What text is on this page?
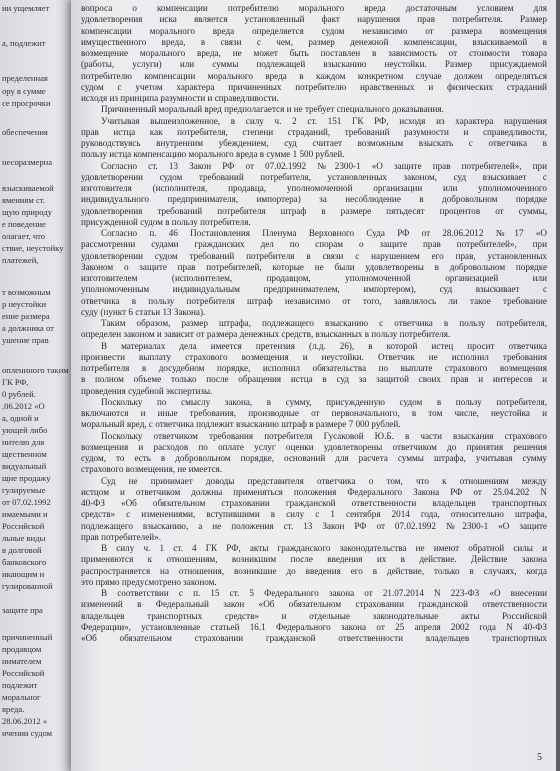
ии ущемляет
а, подлежит
пределенная
ору в сумме
се просрочки
обеспечения
несоразмерна
взыскиваемой
ямениям ст.
щую природу
е поведение
олагает, что
ствие, неустойку
платежей,
т возможным
р неустойки
ение размера
а должника от
ушение прав
оплениного таким
ГК РФ,
0 рублей.
.06.2012 «О
а, одной и
ующей либо
нителю для
щественном
видуальный
щие продажу
гулируемые
от 07.02.1992
имаемыми и
Российской
льные виды
в долговой
банковского
икающим и
гулированной
защите пра
причиненный
продавцом
нимателем
Российской
подлежит
моральног
вреда.
28.06.2012 «
ичении судом
вопроса о компенсации потребителю морального вреда достаточным условием для
удовлетворения иска является установленный факт нарушения прав потребителя. Размер
компенсации морального вреда определяется судом независимо от размера возмещения
имущественного вреда, в связи с чем, размер денежной компенсации, взыскиваемой в
возмещение морального вреда, не может быть поставлен в зависимость от стоимости товара
(работы, услуги) или суммы подлежащей взысканию неустойки. Размер присуждаемой
потребителю компенсации морального вреда в каждом конкретном случае должен определяться
судом с учетом характера причиненных потребителю нравственных и физических страданий
исходя из принципа разумности и справедливости.
Причиненный моральный вред предполагается и не требует специального доказывания.
Учитывая вышеизложенное, в силу ч. 2 ст. 151 ГК РФ, исходя из характера нарушения
прав истца как потребителя, степени страданий, требований разумности и справедливости,
руководствуясь внутренним убеждением, суд считает возможным взыскать с ответчика в
пользу истца компенсацию морального вреда в сумме 1 500 рублей.
Согласно ст. 13 Закон РФ от 07.02.1992 №2300-1 «О защите прав потребителей», при
удовлетворении судом требований потребителя, установленных законом, суд взыскивает с
изготовителя (исполнителя, продавца, уполномоченной организации или уполномоченного
индивидуального предпринимателя, импортера) за несоблюдение в добровольном порядке
удовлетворения требований потребителя штраф в размере пятьдесят процентов от суммы,
присужденной судом в пользу потребителя.
Согласно п. 46 Постановления Пленума Верховного Суда РФ от 28.06.2012 №17 «О
рассмотрении судами гражданских дел по спорам о защите прав потребителей», при
удовлетворении судом требований потребителя в связи с нарушением его прав, установленных
Законом о защите прав потребителей, которые не были удовлетворены в добровольном порядке
изготовителем (исполнителем, продавцом, уполномоченной организацией или
уполномоченным индивидуальным предпринимателем, импортером), суд взыскивает с
ответчика в пользу потребителя штраф независимо от того, заявлялось ли такое требование
суду (пункт 6 статьи 13 Закона).
Таким образом, размер штрафа, подлежащего взысканию с ответчика в пользу потребителя,
определен законом и зависит от размера денежных средств, взысканных в пользу потребителя.
В материалах дела имеется претензия (л.д. 26), в которой истец просит ответчика
произвести выплату страхового возмещения и неустойки. Ответчик не исполнил требования
потребителя в досудебном порядке, исполнил обязательства по выплате страхового возмещения
в полном объеме только после обращения истца в суд за защитой своих прав и интересов и
проведения судебной экспертизы.
Поскольку по смыслу закона, в сумму, присужденную судом в пользу потребителя,
включаются и иные требования, производные от первоначального, в том числе, неустойка и
моральный вред, с ответчика подлежит взысканию штраф в размере 7 000 рублей.
Поскольку ответчиком требования потребителя Гусаковой Ю.Б. в части взыскания страхового
возмещения и расходов по оплате услуг оценки удовлетворены ответчиком до принятия решения
судом, то есть в добровольном порядке, оснований для расчета суммы штрафа, учитывая сумму
страхового возмещения, не имеется.
Суд не принимает доводы представителя ответчика о том, что к отношениям между
истцом и ответчиком должны применяться положения Федерального Закона РФ от 25.04.202 N
40-ФЗ «Об обязательном страховании гражданской ответственности владельцев транспортных
средств» с изменениями, вступившими в силу с 1 сентября 2014 года, относительно штрафа,
подлежащего взысканию, а не положения ст. 13 Закон РФ от 07.02.1992 №2300-1 «О защите
прав потребителей».
В силу ч. 1 ст. 4 ГК РФ, акты гражданского законодательства не имеют обратной силы и
применяются к отношениям, возникшим после введения их в действие. Действие закона
распространяется на отношения, возникшие до введения его в действие, только в случаях, когда
это прямо предусмотрено законом.
В соответствии с п. 15 ст. 5 Федерального закона от 21.07.2014 N 223-ФЗ «О внесении
изменений в Федеральный закон «Об обязательном страховании гражданской ответственности
владельцев транспортных средств» и отдельные законодательные акты Российской
Федерации», установленные статьей 16.1 Федерального закона от 25 апреля 2002 года N 40-ФЗ
«Об обязательном страховании гражданской ответственности владельцев транспортных
5
